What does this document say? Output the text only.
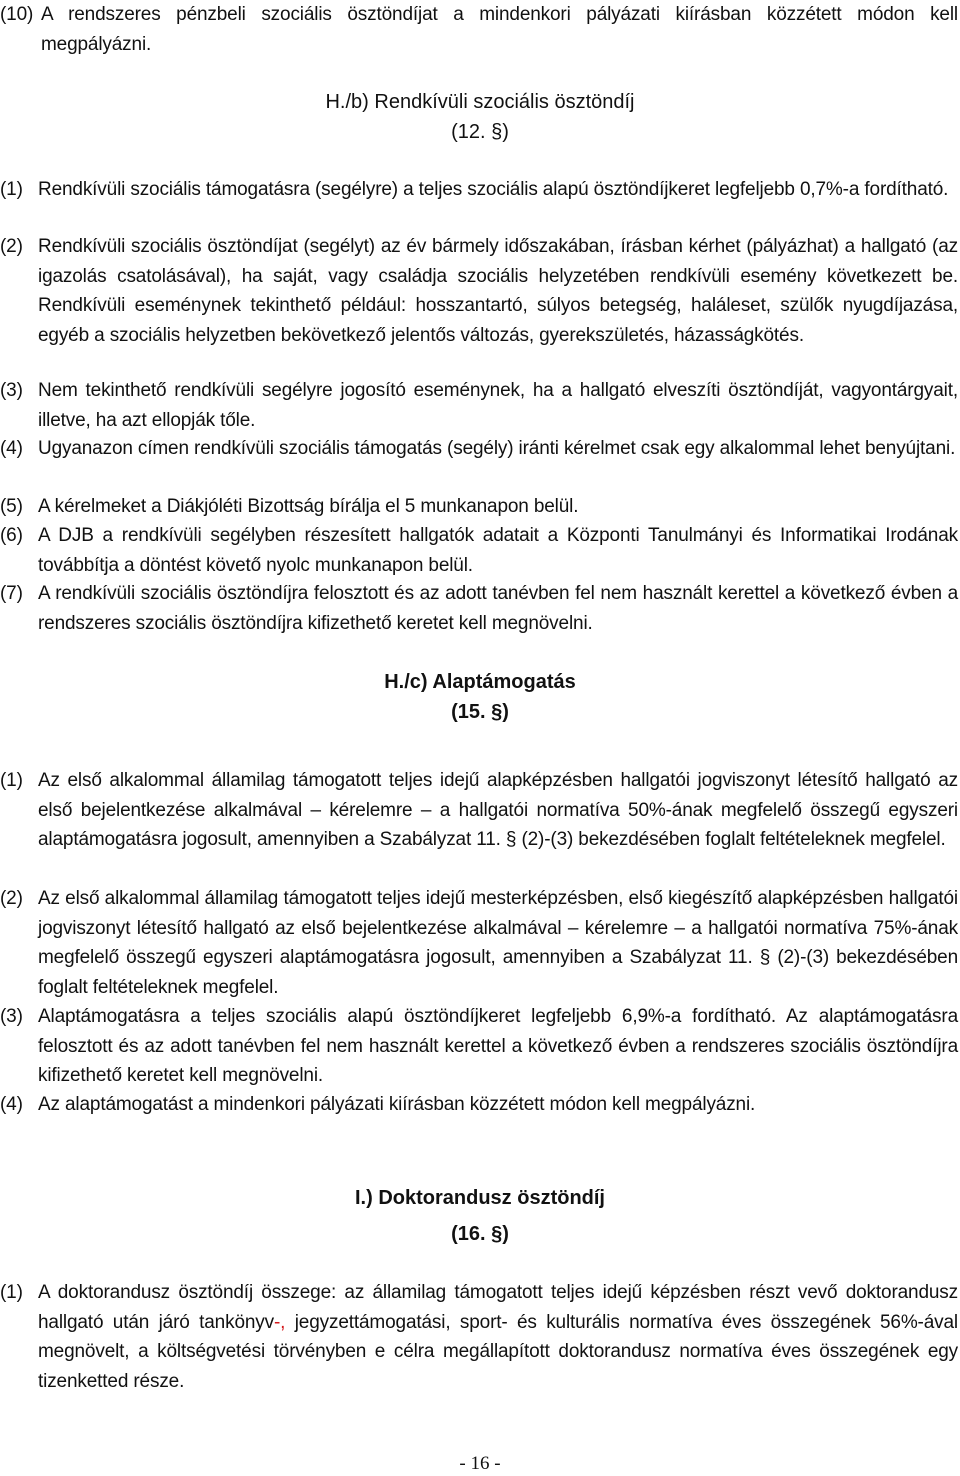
(10) A rendszeres pénzbeli szociális ösztöndíjat a mindenkori pályázati kiírásban közzétett módon kell megpályázni.
H./b) Rendkívüli szociális ösztöndíj
(12. §)
(1) Rendkívüli szociális támogatásra (segélyre) a teljes szociális alapú ösztöndíjkeret legfeljebb 0,7%-a fordítható.
(2) Rendkívüli szociális ösztöndíjat (segélyt) az év bármely időszakában, írásban kérhet (pályázhat) a hallgató (az igazolás csatolásával), ha saját, vagy családja szociális helyzetében rendkívüli esemény következett be. Rendkívüli eseménynek tekinthető például: hosszantartó, súlyos betegség, haláleset, szülők nyugdíjazása, egyéb a szociális helyzetben bekövetkező jelentős változás, gyerekszületés, házasságkötés.
(3) Nem tekinthető rendkívüli segélyre jogosító eseménynek, ha a hallgató elveszíti ösztöndíját, vagyontárgyait, illetve, ha azt ellopják tőle.
(4) Ugyanazon címen rendkívüli szociális támogatás (segély) iránti kérelmet csak egy alkalommal lehet benyújtani.
(5) A kérelmeket a Diákjóléti Bizottság bírálja el 5 munkanapon belül.
(6) A DJB a rendkívüli segélyben részesített hallgatók adatait a Központi Tanulmányi és Informatikai Irodának továbbítja a döntést követő nyolc munkanapon belül.
(7) A rendkívüli szociális ösztöndíjra felosztott és az adott tanévben fel nem használt kerettel a következő évben a rendszeres szociális ösztöndíjra kifizethető keretet kell megnövelni.
H./c) Alaptámogatás
(15. §)
(1) Az első alkalommal államilag támogatott teljes idejű alapképzésben hallgatói jogviszonyt létesítő hallgató az első bejelentkezése alkalmával – kérelemre – a hallgatói normatíva 50%-ának megfelelő összegű egyszeri alaptámogatásra jogosult, amennyiben a Szabályzat 11. § (2)-(3) bekezdésében foglalt feltételeknek megfelel.
(2) Az első alkalommal államilag támogatott teljes idejű mesterképzésben, első kiegészítő alapképzésben hallgatói jogviszonyt létesítő hallgató az első bejelentkezése alkalmával – kérelemre – a hallgatói normatíva 75%-ának megfelelő összegű egyszeri alaptámogatásra jogosult, amennyiben a Szabályzat 11. § (2)-(3) bekezdésében foglalt feltételeknek megfelel.
(3) Alaptámogatásra a teljes szociális alapú ösztöndíjkeret legfeljebb 6,9%-a fordítható. Az alaptámogatásra felosztott és az adott tanévben fel nem használt kerettel a következő évben a rendszeres szociális ösztöndíjra kifizethető keretet kell megnövelni.
(4) Az alaptámogatást a mindenkori pályázati kiírásban közzétett módon kell megpályázni.
I.) Doktorandusz ösztöndíj
(16. §)
(1) A doktorandusz ösztöndíj összege: az államilag támogatott teljes idejű képzésben részt vevő doktorandusz hallgató után járó tankönyv-, jegyzettámogatási, sport- és kulturális normatíva éves összegének 56%-ával megnövelt, a költségvetési törvényben e célra megállapított doktorandusz normatíva éves összegének egy tizenketted része.
- 16 -
